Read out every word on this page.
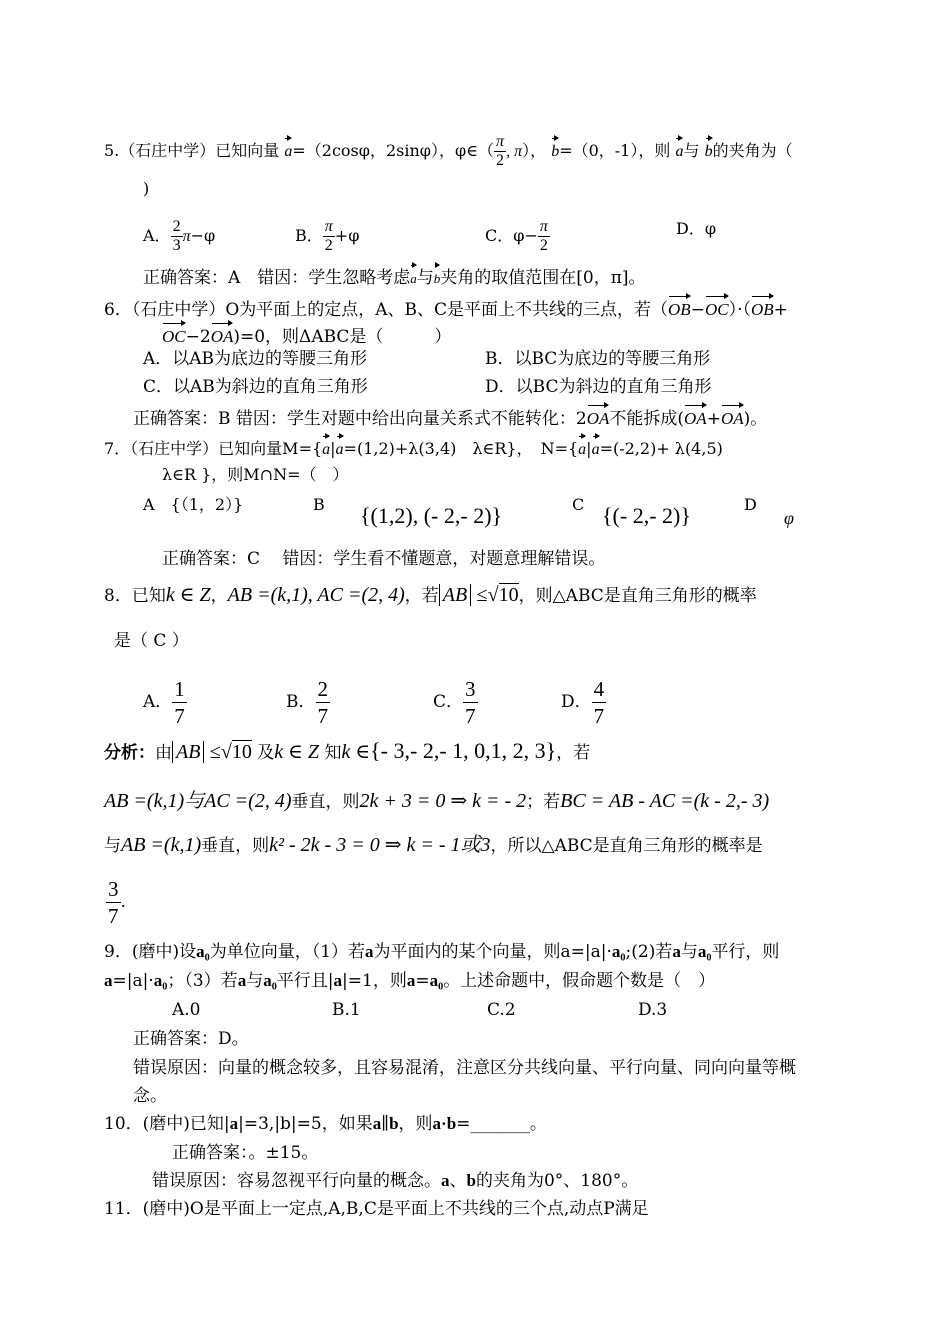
5.（石庄中学）已知向量 a=（2cosφ，2sinφ），φ∈（ $\frac{\pi}{2}$ , π）， b=（0，-1），则 a与 b的夹角为（
)
A． $\frac{2}{3} \pi-\varphi$	B． $\frac{\pi}{2} +\varphi$	C．$\varphi- \frac{\pi}{2}$	D．φ
正确答案：A　错因：学生忽略考虑a与b夹角的取值范围在[0，π]。
6．（石庄中学）O为平面上的定点，A、B、C是平面上不共线的三点，若（OB−OC）·（OB+
OC−2OA)=0，则ΔABC是（　　　）
A．以AB为底边的等腰三角形	B．以BC为底边的等腰三角形
C．以AB为斜边的直角三角形	D．以BC为斜边的直角三角形
正确答案：B 错因：学生对题中给出向量关系式不能转化：2OA不能拆成(OA+OA)。
7．（石庄中学）已知向量M={a|a=(1,2)+λ(3,4)　λ∈R}，　N={a|a=(-2,2)+ λ(4,5)
λ∈R }，则M∩N=（　）
A　{（1，2）}	B {(1,2), (- 2,- 2)}	C {(- 2,- 2)}	D
φ
正确答案：C　 错因：学生看不懂题意，对题意理解错误。
8．已知k ∈ Z，AB =(k,1), AC =(2, 4)，若 AB ≤√10，则△ABC是直角三角形的概率
是（ C ）
A． $\frac{1}{7}$	B． $\frac{2}{7}$	C． $\frac{3}{7}$	D． $\frac{4}{7}$
分析：由 AB ≤√10 及k ∈ Z 知k ∈{- 3,- 2,- 1, 0,1, 2, 3}，若
AB =(k,1)与AC =(2, 4)垂直，则2k + 3 = 0 ⇒ k = - 2；若BC = AB - AC =(k - 2,- 3)
与AB =(k,1)垂直，则k² - 2k - 3 = 0 ⇒ k = - 1或3，所以△ABC是直角三角形的概率是
$\frac{3}{7}$ .
9．(磨中)设a₀为单位向量，（1）若a为平面内的某个向量，则a=|a|·a₀;(2)若a与a₀平行，则
a=|a|·a₀；（3）若a与a₀平行且|a|=1，则a=a₀。上述命题中，假命题个数是（　）
A.0	B.1	C.2	D.3
正确答案：D。
错误原因：向量的概念较多，且容易混淆，注意区分共线向量、平行向量、同向向量等概
念。
10．(磨中)已知|a|=3,|b|=5，如果a∥b，则a·b=_______。
正确答案：。±15。
错误原因：容易忽视平行向量的概念。a、b的夹角为0°、180°。
11．(磨中)O是平面上一定点,A,B,C是平面上不共线的三个点,动点P满足
